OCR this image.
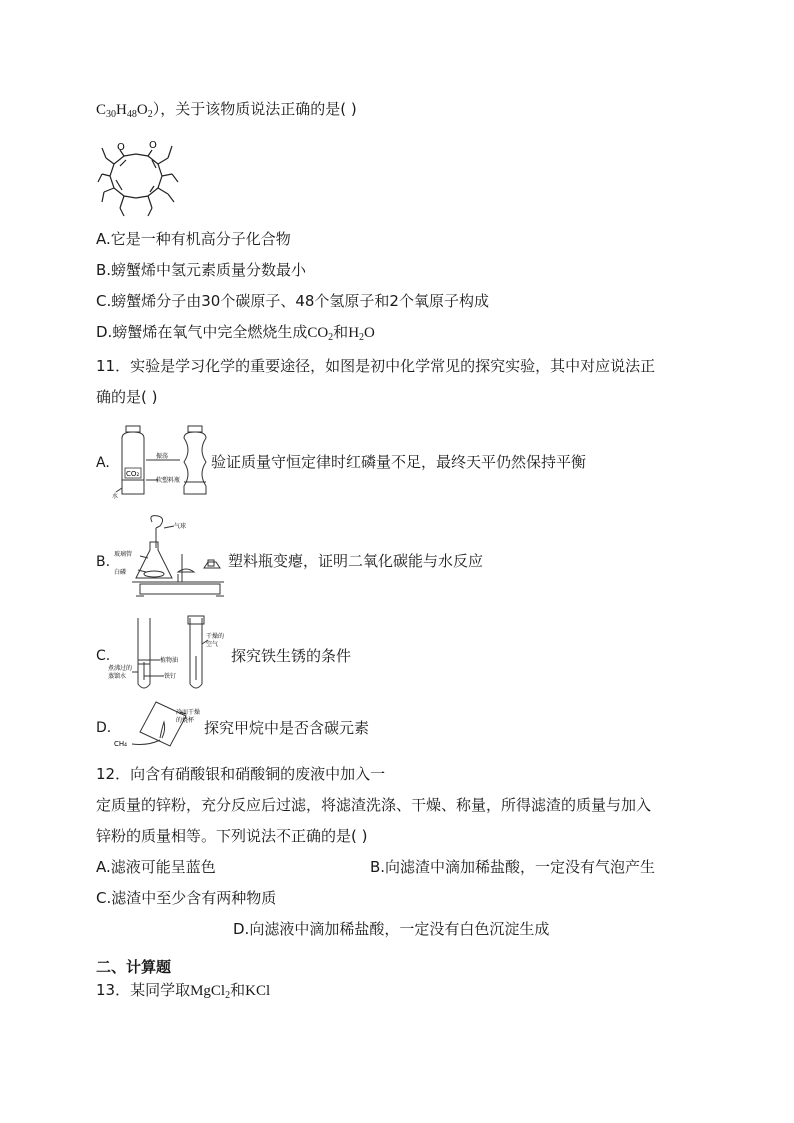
$C_{30}H_{48}O_2$），关于该物质说法正确的是( )
O O
A.它是一种有机高分子化合物
B.螃蟹烯中氢元素质量分数最小
C.螃蟹烯分子由30个碳原子、48个氢原子和2个氧原子构成
D.螃蟹烯在氧气中完全燃烧生成$CO_2$和$H_2O$
11．实验是学习化学的重要途径，如图是初中化学常见的探究实验，其中对应说法正
确的是( )
A.
CO₂
振荡
软塑料瓶
水
验证质量守恒定律时红磷量不足，最终天平仍然保持平衡
B.
气球
玻璃管
白磷
塑料瓶变瘪，证明二氧化碳能与水反应
C.	植物油
干燥的
空气
煮沸过的
蒸馏水	铁钉
探究铁生锈的条件
D.
冷而干燥
的烧杯
CH₄
探究甲烷中是否含碳元素
12．向含有硝酸银和硝酸铜的废液中加入一
定质量的锌粉，充分反应后过滤，将滤渣洗涤、干燥、称量，所得滤渣的质量与加入
锌粉的质量相等。下列说法不正确的是( )
A.滤液可能呈蓝色	B.向滤渣中滴加稀盐酸，一定没有气泡产生
C.滤渣中至少含有两种物质
D.向滤液中滴加稀盐酸，一定没有白色沉淀生成
二、计算题
13．某同学取MgCl$_2$和KCl
